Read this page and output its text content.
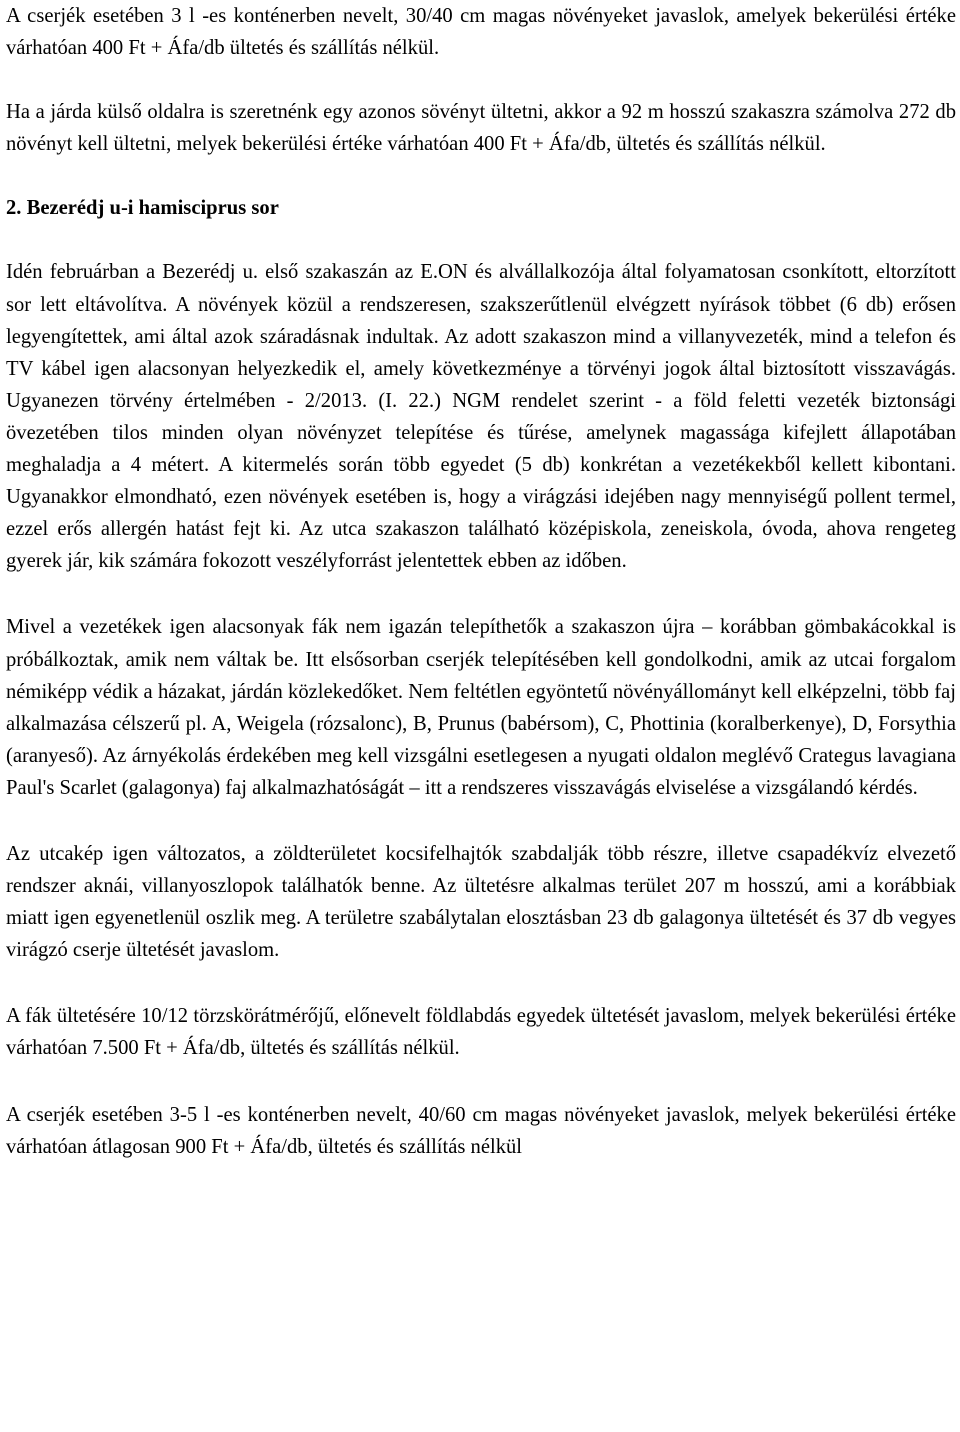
A cserjék esetében 3 l -es konténerben nevelt, 30/40 cm magas növényeket javaslok, amelyek bekerülési értéke várhatóan 400 Ft + Áfa/db ültetés és szállítás nélkül.

Ha a járda külső oldalra is szeretnénk egy azonos sövényt ültetni, akkor a 92 m hosszú szakaszra számolva 272 db növényt kell ültetni, melyek bekerülési értéke várhatóan 400 Ft + Áfa/db, ültetés és szállítás nélkül.

2. Bezerédj u-i hamisciprus sor

Idén februárban a Bezerédj u. első szakaszán az E.ON és alvállalkozója által folyamatosan csonkított, eltorzított sor lett eltávolítva. A növények közül a rendszeresen, szakszerűtlenül elvégzett nyírások többet (6 db) erősen legyengítettek, ami által azok száradásnak indultak. Az adott szakaszon mind a villanyvezeték, mind a telefon és TV kábel igen alacsonyan helyezkedik el, amely következménye a törvényi jogok által biztosított visszavágás. Ugyanezen törvény értelmében - 2/2013. (I. 22.) NGM rendelet szerint - a föld feletti vezeték biztonsági övezetében tilos minden olyan növényzet telepítése és tűrése, amelynek magassága kifejlett állapotában meghaladja a 4 métert. A kitermelés során több egyedet (5 db) konkrétan a vezetékekből kellett kibontani. Ugyanakkor elmondható, ezen növények esetében is, hogy a virágzási idejében nagy mennyiségű pollent termel, ezzel erős allergén hatást fejt ki. Az utca szakaszon található középiskola, zeneiskola, óvoda, ahova rengeteg gyerek jár, kik számára fokozott veszélyforrást jelentettek ebben az időben.

Mivel a vezetékek igen alacsonyak fák nem igazán telepíthetők a szakaszon újra – korábban gömbakácokkal is próbálkoztak, amik nem váltak be. Itt elsősorban cserjék telepítésében kell gondolkodni, amik az utcai forgalom némiképp védik a házakat, járdán közlekedőket. Nem feltétlen egyöntetű növényállományt kell elképzelni, több faj alkalmazása célszerű pl. A, Weigela (rózsalonc), B, Prunus (babérsom), C, Phottinia (koralberkenye), D, Forsythia (aranyeső). Az árnyékolás érdekében meg kell vizsgálni esetlegesen a nyugati oldalon meglévő Crategus lavagiana Paul's Scarlet (galagonya) faj alkalmazhatóságát – itt a rendszeres visszavágás elviselése a vizsgálandó kérdés.

Az utcakép igen változatos, a zöldterületet kocsifelhajtók szabdalják több részre, illetve csapadékvíz elvezető rendszer aknái, villanyoszlopok találhatók benne. Az ültetésre alkalmas terület 207 m hosszú, ami a korábbiak miatt igen egyenetlenül oszlik meg. A területre szabálytalan elosztásban 23 db galagonya ültetését és 37 db vegyes virágzó cserje ültetését javaslom.

A fák ültetésére 10/12 törzskörátmérőjű, előnevelt földlabdás egyedek ültetését javaslom, melyek bekerülési értéke várhatóan 7.500 Ft + Áfa/db, ültetés és szállítás nélkül.

A cserjék esetében 3-5 l -es konténerben nevelt, 40/60 cm magas növényeket javaslok, melyek bekerülési értéke várhatóan átlagosan 900 Ft + Áfa/db, ültetés és szállítás nélkül
